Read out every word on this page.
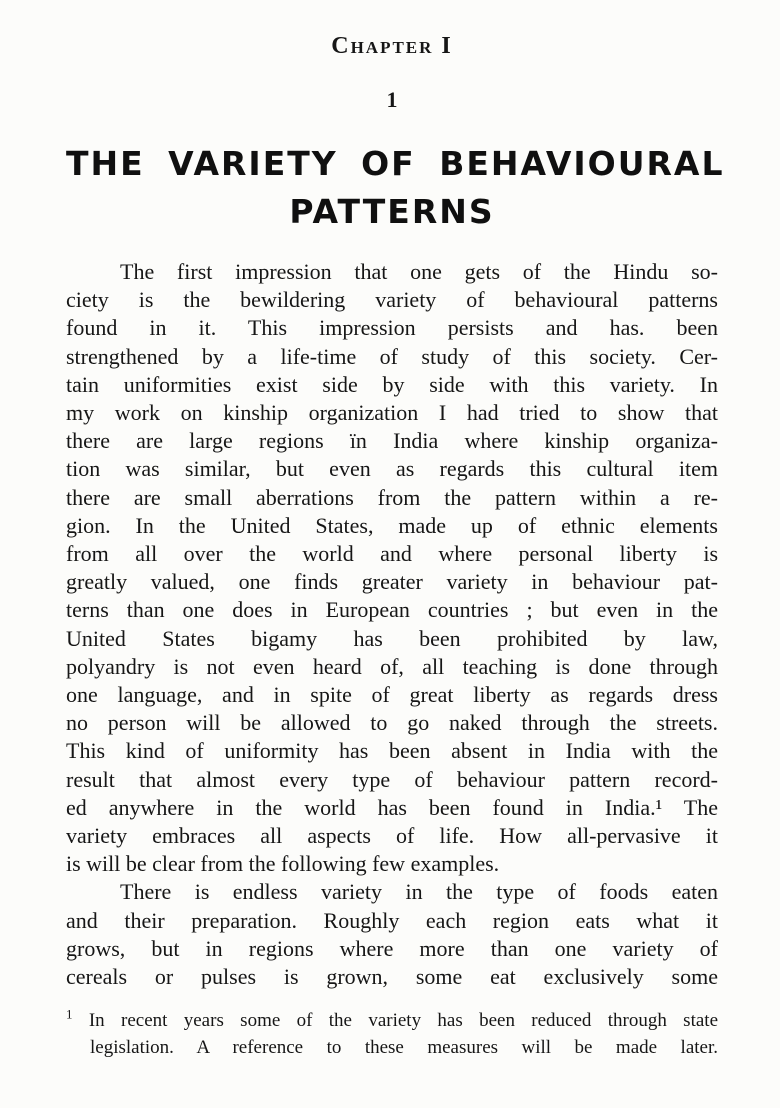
Chapter I
1
THE VARIETY OF BEHAVIOURAL
PATTERNS
The first impression that one gets of the Hindu so-
ciety is the bewildering variety of behavioural patterns
found in it. This impression persists and has. been
strengthened by a life-time of study of this society. Cer-
tain uniformities exist side by side with this variety. In
my work on kinship organization I had tried to show that
there are large regions ïn India where kinship organiza-
tion was similar, but even as regards this cultural item
there are small aberrations from the pattern within a re-
gion. In the United States, made up of ethnic elements
from all over the world and where personal liberty is
greatly valued, one finds greater variety in behaviour pat-
terns than one does in European countries ; but even in the
United States bigamy has been prohibited by law,
polyandry is not even heard of, all teaching is done through
one language, and in spite of great liberty as regards dress
no person will be allowed to go naked through the streets.
This kind of uniformity has been absent in India with the
result that almost every type of behaviour pattern record-
ed anywhere in the world has been found in India.¹ The
variety embraces all aspects of life. How all-pervasive it
is will be clear from the following few examples.
There is endless variety in the type of foods eaten
and their preparation. Roughly each region eats what it
grows, but in regions where more than one variety of
cereals or pulses is grown, some eat exclusively some
$^1$ In recent years some of the variety has been reduced through state
legislation. A reference to these measures will be made later.
